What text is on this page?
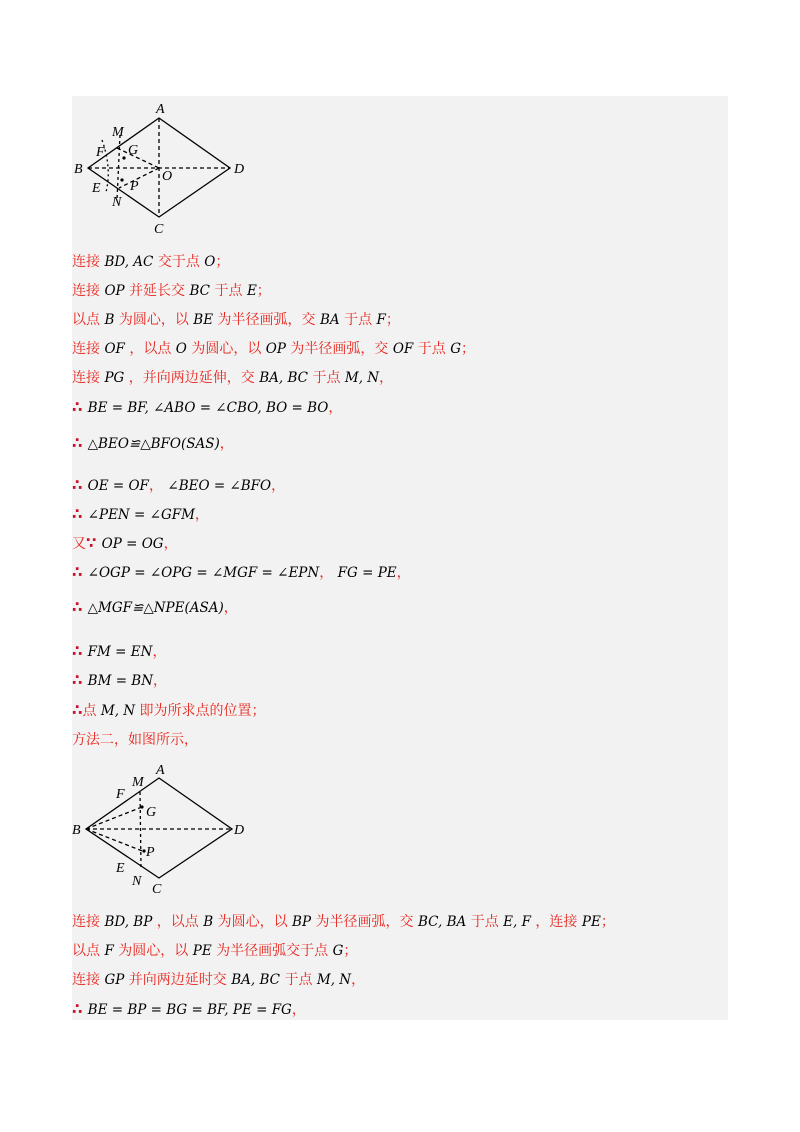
A
B
C
D
O
M
F G
E P
N
A
B
C
D
M
F
G
E
P
N
连接 BD, AC 交于点 O；
连接 OP 并延长交 BC 于点 E；
以点 B 为圆心，以 BE 为半径画弧，交 BA 于点 F；
连接 OF ，以点 O 为圆心，以 OP 为半径画弧，交 OF 于点 G；
连接 PG ，并向两边延伸，交 BA, BC 于点 M, N，
∴ BE = BF, ∠ABO = ∠CBO, BO = BO，
∴ △BEO≌△BFO(SAS)，
∴ OE = OF， ∠BEO = ∠BFO，
∴ ∠PEN = ∠GFM，
又∵ OP = OG，
∴ ∠OGP = ∠OPG = ∠MGF = ∠EPN， FG = PE，
∴ △MGF≌△NPE(ASA)，
∴ FM = EN，
∴ BM = BN，
∴点 M, N 即为所求点的位置；
方法二，如图所示，
连接 BD, BP ，以点 B 为圆心，以 BP 为半径画弧，交 BC, BA 于点 E, F ，连接 PE；
以点 F 为圆心，以 PE 为半径画弧交于点 G；
连接 GP 并向两边延时交 BA, BC 于点 M, N，
∴ BE = BP = BG = BF, PE = FG，
